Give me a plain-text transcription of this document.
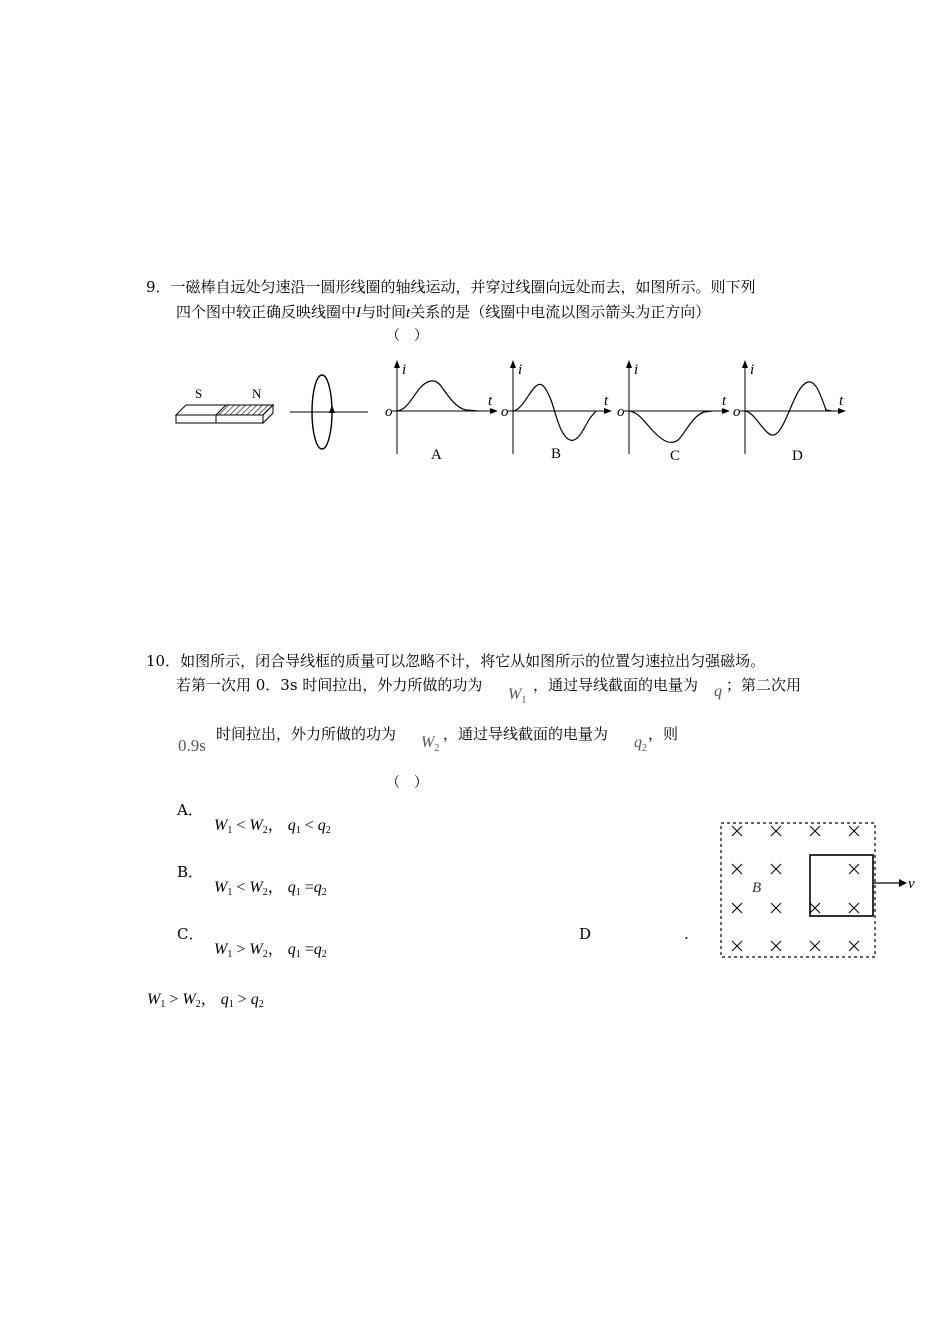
9．一磁棒自远处匀速沿一圆形线圈的轴线运动，并穿过线圈向远处而去，如图所示。则下列
四个图中较正确反映线圈中I与时间t关系的是（线圈中电流以图示箭头为正方向）
（　）
S	N
i
t
o
A
i
t
o
B
i
t
o
C
i
t
o
D
10．如图所示，闭合导线框的质量可以忽略不计，将它从如图所示的位置匀速拉出匀强磁场。
若第一次用 0．3s 时间拉出，外力所做的功为
$W_1$
，通过导线截面的电量为 q ；第二次用
0.9s
时间拉出，外力所做的功为 $W_2$
，通过导线截面的电量为 $q_2$
，则
（　）
A．
$W_1 < W_2$， $q_1 < q_2$
B．
$W_1 < W_2$， $q_1 =q_2$
C．
$W_1 > W_2$， $q_1 =q_2$
D	.
$W_1 > W_2$， $q_1 > q_2$
B	v
